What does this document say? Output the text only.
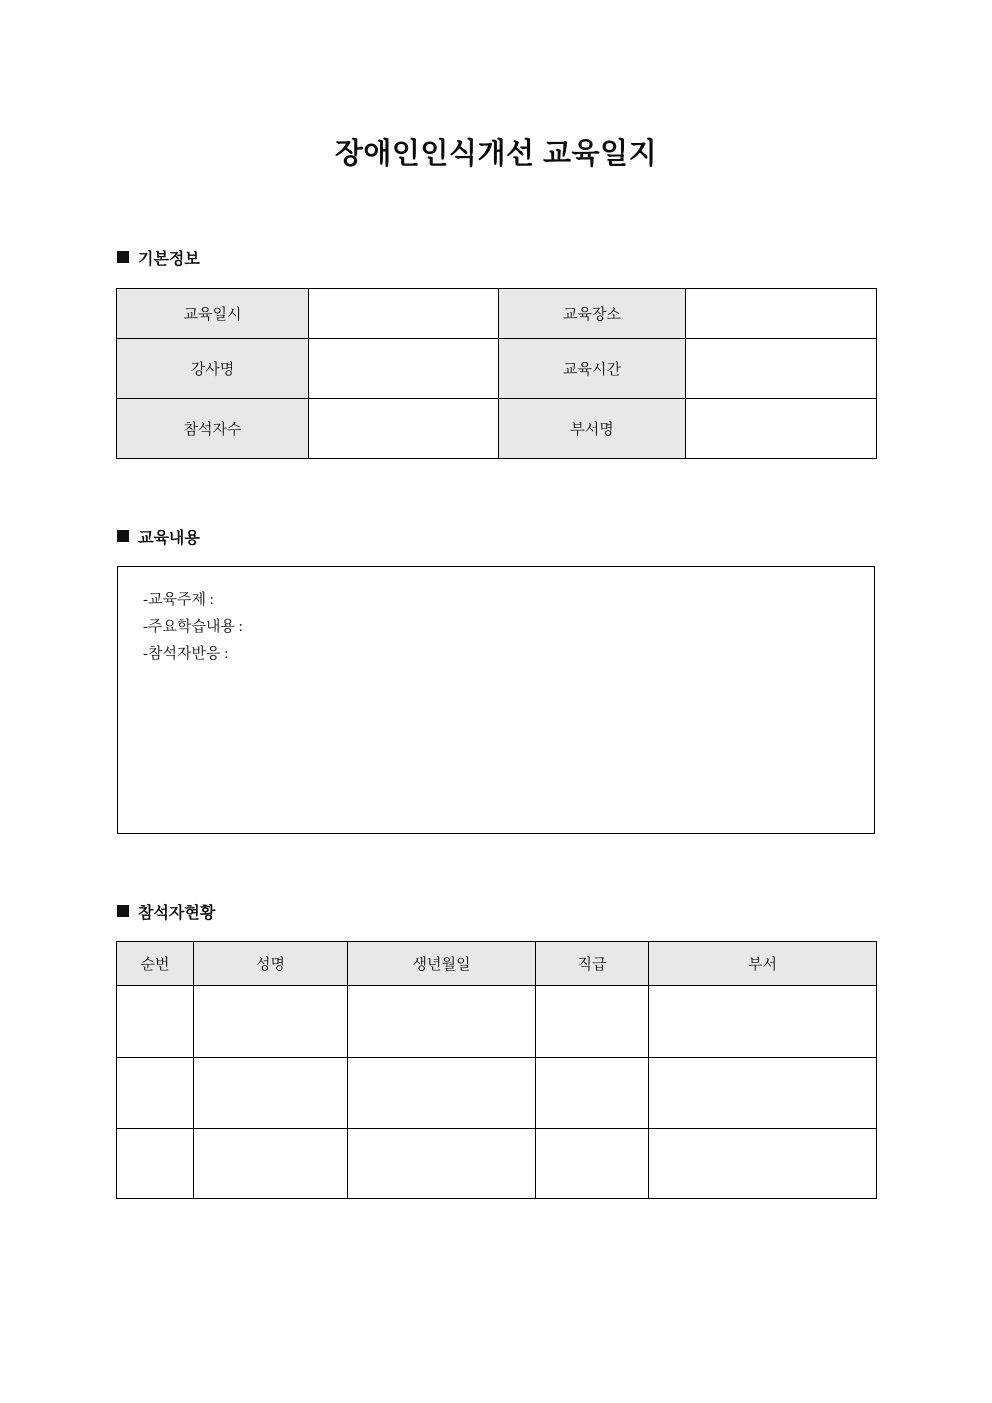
장애인인식개선 교육일지
기본정보
교육일시		교육장소	
강사명		교육시간	
참석자수		부서명	
교육내용
-교육주제 :
-주요학습내용 :
-참석자반응 :
참석자현황
순번	성명	생년월일	직급	부서
